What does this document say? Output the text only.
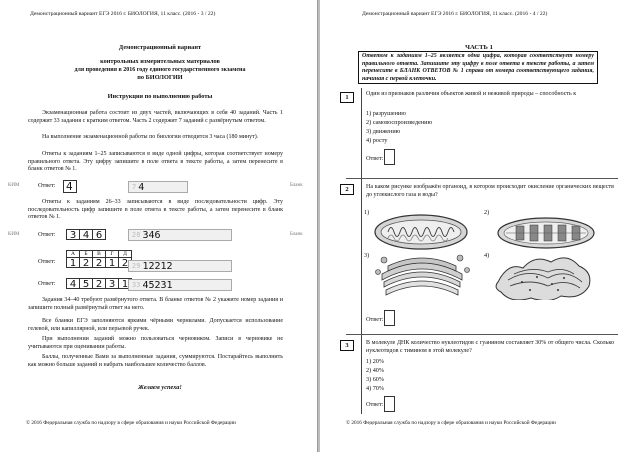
Демонстрационный вариант ЕГЭ 2016 г. БИОЛОГИЯ, 11 класс. (2016 - 3 / 22)
Демонстрационный вариант
контрольных измерительных материалов
для проведения в 2016 году единого государственного экзамена
по БИОЛОГИИ
Инструкция по выполнению работы
Экзаменационная работа состоит из двух частей, включающих в себя 40 заданий. Часть 1 содержит 33 задания с кратким ответом. Часть 2 содержит 7 заданий с развёрнутым ответом.
На выполнение экзаменационной работы по биологии отводится 3 часа (180 минут).
Ответы к заданиям 1–25 записываются в виде одной цифры, которая соответствует номеру правильного ответа. Эту цифру запишите в поле ответа в тексте работы, а затем перенесите в бланк ответов № 1.
КИМ	Ответ: 4	7 4	Бланк
Ответы к заданиям 26–33 записываются в виде последовательности цифр. Эту последовательность цифр запишите в поле ответа в тексте работы, а затем перенесите в бланк ответов № 1.
КИМ	Ответ:	3 4 6	28 346	Бланк
А	Б	В	Г	Д
Ответ:	1 2 2 1 2 29 12212
Ответ:	4 5 2 3 1 33 45231
Задания 34–40 требуют развёрнутого ответа. В бланке ответов № 2 укажите номер задания и запишите полный развёрнутый ответ на него.
Все бланки ЕГЭ заполняются яркими чёрными чернилами. Допускается использование гелевой, или капиллярной, или перьевой ручек.
При выполнении заданий можно пользоваться черновиком. Записи в черновике не учитываются при оценивании работы.
Баллы, полученные Вами за выполненные задания, суммируются. Постарайтесь выполнить как можно больше заданий и набрать наибольшее количество баллов.
Желаем успеха!
© 2016 Федеральная служба по надзору в сфере образования и науки Российской Федерации
Демонстрационный вариант ЕГЭ 2016 г. БИОЛОГИЯ, 11 класс. (2016 - 4 / 22)
ЧАСТЬ 1
Ответом к заданиям 1–25 является одна цифра, которая соответствует номеру правильного ответа. Запишите эту цифру в поле ответа в тексте работы, а затем перенесите в БЛАНК ОТВЕТОВ № 1 справа от номера соответствующего задания, начиная с первой клеточки.
1	Один из признаков различия объектов живой и неживой природы – способность к
1) разрушению
2) самовоспроизведению
3) движению
4) росту
Ответ:
2	На каком рисунке изображён органоид, в котором происходит окисление органических веществ до углекислого газа и воды?
1)	2)
3)	4)
Ответ:
3	В молекуле ДНК количество нуклеотидов с гуанином составляет 30% от общего числа. Сколько нуклеотидов с тимином в этой молекуле?
1) 20%
2) 40%
3) 60%
4) 70%
Ответ:
© 2016 Федеральная служба по надзору в сфере образования и науки Российской Федерации
